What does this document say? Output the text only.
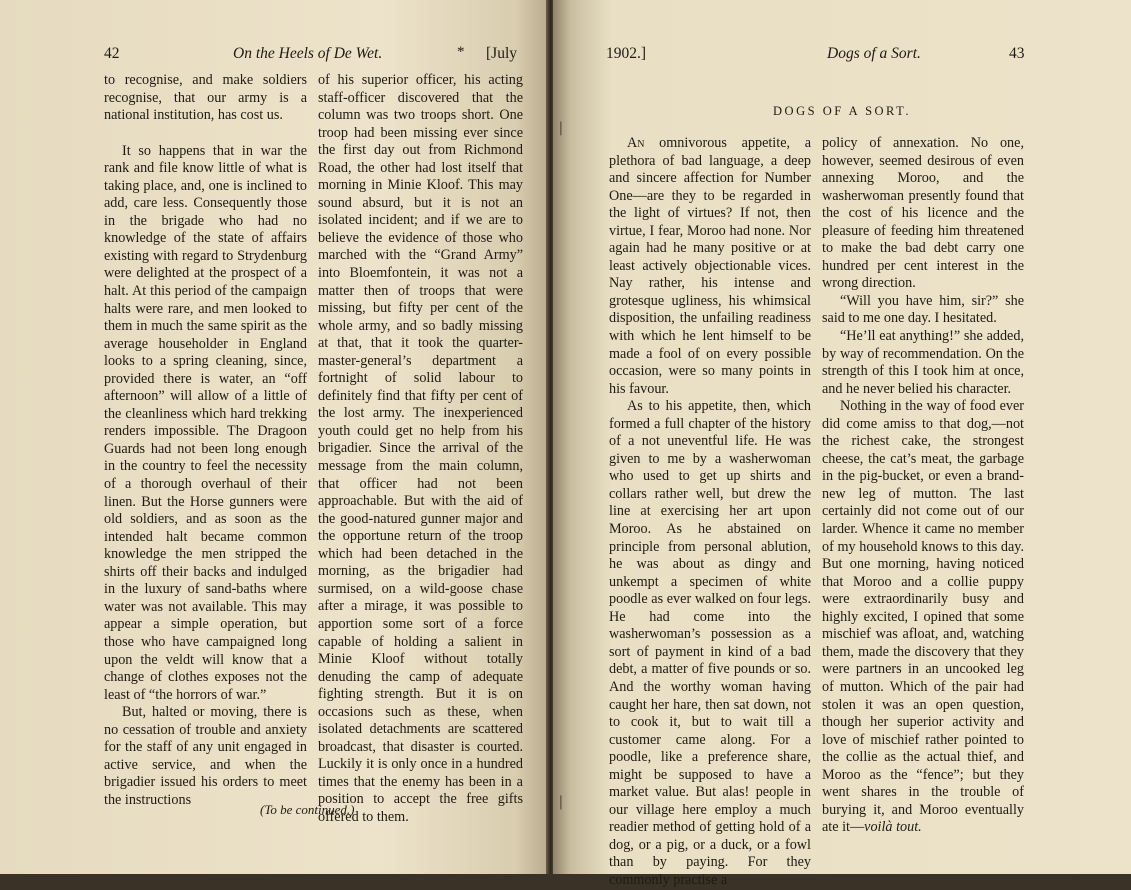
42	On the Heels of De Wet.	* [July

to recognise, and make soldiers recognise, that our army is a national institution, has cost us.

It so happens that in war the rank and file know little of what is taking place, and, one is inclined to add, care less. Consequently those in the brigade who had no knowledge of the state of affairs existing with regard to Strydenburg were delighted at the prospect of a halt. At this period of the campaign halts were rare, and men looked to them in much the same spirit as the average householder in England looks to a spring cleaning, since, provided there is water, an “off afternoon” will allow of a little of the cleanliness which hard trekking renders impossible. The Dragoon Guards had not been long enough in the country to feel the necessity of a thorough overhaul of their linen. But the Horse gunners were old soldiers, and as soon as the intended halt became common knowledge the men stripped the shirts off their backs and indulged in the luxury of sand-baths where water was not available. This may appear a simple operation, but those who have campaigned long upon the veldt will know that a change of clothes exposes not the least of “the horrors of war.”

But, halted or moving, there is no cessation of trouble and anxiety for the staff of any unit engaged in active service, and when the brigadier issued his orders to meet the instructions

of his superior officer, his acting staff-officer discovered that the column was two troops short. One troop had been missing ever since the first day out from Richmond Road, the other had lost itself that morning in Minie Kloof. This may sound absurd, but it is not an isolated incident; and if we are to believe the evidence of those who marched with the “Grand Army” into Bloemfontein, it was not a matter then of troops that were missing, but fifty per cent of the whole army, and so badly missing at that, that it took the quarter-master-general’s department a fortnight of solid labour to definitely find that fifty per cent of the lost army. The inexperienced youth could get no help from his brigadier. Since the arrival of the message from the main column, that officer had not been approachable. But with the aid of the good-natured gunner major and the opportune return of the troop which had been detached in the morning, as the brigadier had surmised, on a wild-goose chase after a mirage, it was possible to apportion some sort of a force capable of holding a salient in Minie Kloof without totally denuding the camp of adequate fighting strength. But it is on occasions such as these, when isolated detachments are scattered broadcast, that disaster is courted. Luckily it is only once in a hundred times that the enemy has been in a position to accept the free gifts offered to them.

(To be continued.)
1902.]	Dogs of a Sort.	43
DOGS OF A SORT.
❘
❘

An omnivorous appetite, a plethora of bad language, a deep and sincere affection for Number One—are they to be regarded in the light of virtues? If not, then virtue, I fear, Moroo had none. Nor again had he many positive or at least actively objectionable vices. Nay rather, his intense and grotesque ugliness, his whimsical disposition, the unfailing readiness with which he lent himself to be made a fool of on every possible occasion, were so many points in his favour.

As to his appetite, then, which formed a full chapter of the history of a not uneventful life. He was given to me by a washerwoman who used to get up shirts and collars rather well, but drew the line at exercising her art upon Moroo. As he abstained on principle from personal ablution, he was about as dingy and unkempt a specimen of white poodle as ever walked on four legs. He had come into the washerwoman’s possession as a sort of payment in kind of a bad debt, a matter of five pounds or so. And the worthy woman having caught her hare, then sat down, not to cook it, but to wait till a customer came along. For a poodle, like a preference share, might be supposed to have a market value. But alas! people in our village here employ a much readier method of getting hold of a dog, or a pig, or a duck, or a fowl than by paying. For they commonly practise a

policy of annexation. No one, however, seemed desirous of even annexing Moroo, and the washerwoman presently found that the cost of his licence and the pleasure of feeding him threatened to make the bad debt carry one hundred per cent interest in the wrong direction.

“Will you have him, sir?” she said to me one day. I hesitated.

“He’ll eat anything!” she added, by way of recommendation. On the strength of this I took him at once, and he never belied his character.

Nothing in the way of food ever did come amiss to that dog,—not the richest cake, the strongest cheese, the cat’s meat, the garbage in the pig-bucket, or even a brand-new leg of mutton. The last certainly did not come out of our larder. Whence it came no member of my household knows to this day. But one morning, having noticed that Moroo and a collie puppy were extraordinarily busy and highly excited, I opined that some mischief was afloat, and, watching them, made the discovery that they were partners in an uncooked leg of mutton. Which of the pair had stolen it was an open question, though her superior activity and love of mischief rather pointed to the collie as the actual thief, and Moroo as the “fence”; but they went shares in the trouble of burying it, and Moroo eventually ate it—voilà tout.
